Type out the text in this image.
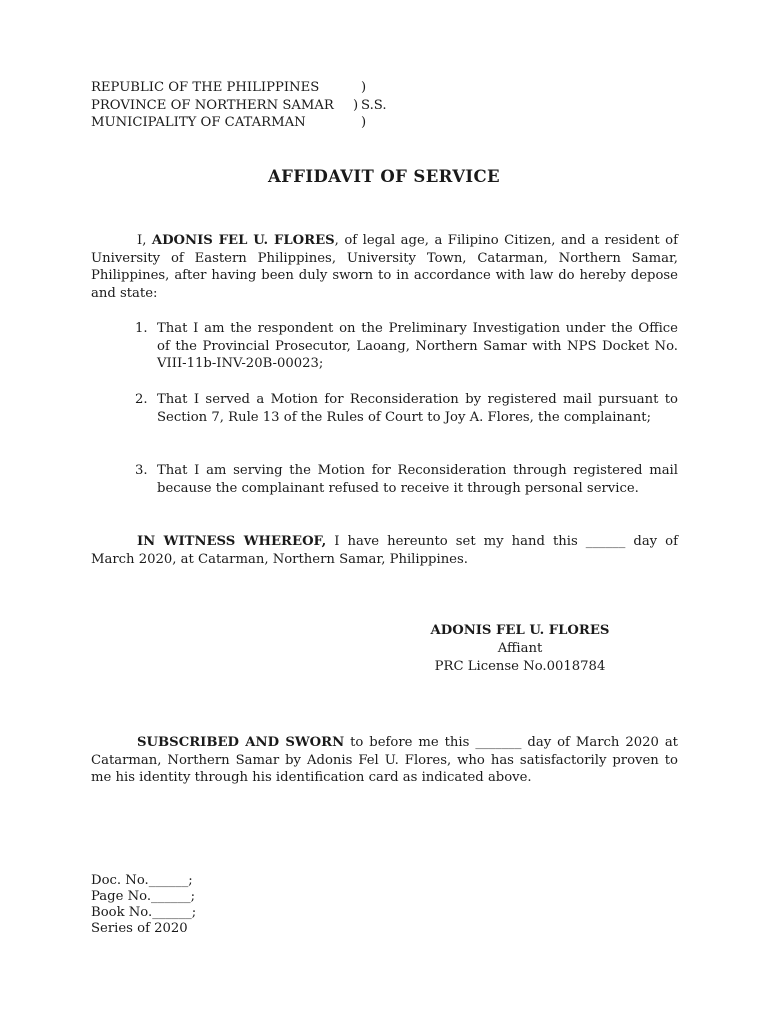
REPUBLIC OF THE PHILIPPINES	)
PROVINCE OF NORTHERN SAMAR ) S.S.
MUNICIPALITY OF CATARMAN	)
AFFIDAVIT OF SERVICE
I, ADONIS FEL U. FLORES, of legal age, a Filipino Citizen, and a resident of University of Eastern Philippines, University Town, Catarman, Northern Samar, Philippines, after having been duly sworn to in accordance with law do hereby depose and state:
1. That I am the respondent on the Preliminary Investigation under the Office of the Provincial Prosecutor, Laoang, Northern Samar with NPS Docket No. VIII-11b-INV-20B-00023;
2. That I served a Motion for Reconsideration by registered mail pursuant to Section 7, Rule 13 of the Rules of Court to Joy A. Flores, the complainant;
3. That I am serving the Motion for Reconsideration through registered mail because the complainant refused to receive it through personal service.
IN WITNESS WHEREOF, I have hereunto set my hand this ______ day of March 2020, at Catarman, Northern Samar, Philippines.
ADONIS FEL U. FLORES
Affiant
PRC License No.0018784
SUBSCRIBED AND SWORN to before me this _______ day of March 2020 at Catarman, Northern Samar by Adonis Fel U. Flores, who has satisfactorily proven to me his identity through his identification card as indicated above.
Doc. No.______;
Page No.______;
Book No.______;
Series of 2020
